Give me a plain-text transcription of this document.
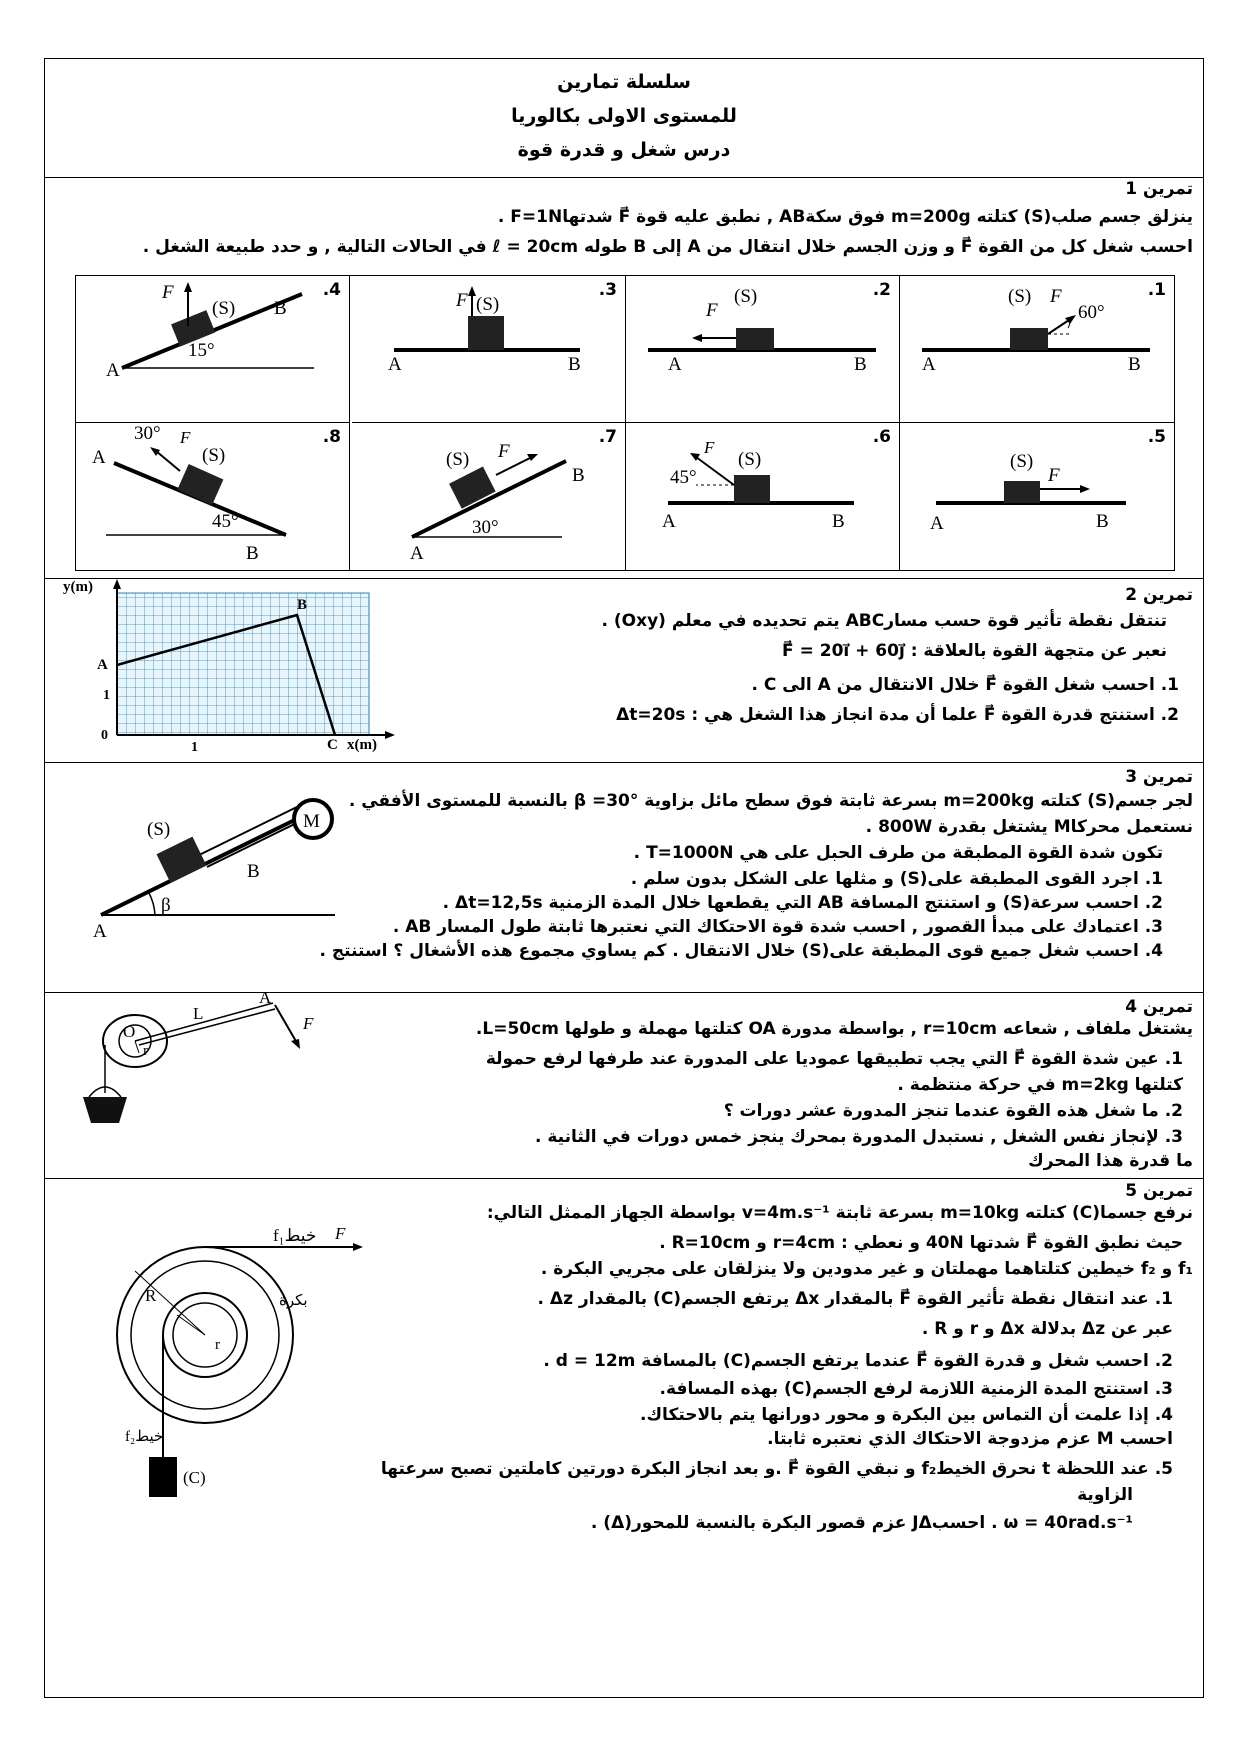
سلسلة تمارين
للمستوى الاولى بكالوريا
درس شغل و قدرة قوة
تمرين 1
ينزلق جسم صلب(S) كتلته m=200g فوق سكةAB , نطبق عليه قوة F⃗ شدتهاF=1N .
احسب شغل كل من القوة F⃗ و وزن الجسم خلال انتقال من A إلى B طوله ℓ = 20cm في الحالات التالية , و حدد طبيعة الشغل .
.1
(S) F⃗
60°
A	B
.2
(S)
F⃗
A	B
.3
F⃗
(S)
A	B
.4
F⃗
(S)
15°
A
B
.5
(S)
F⃗
A	B
.6
(S)
F⃗
45°
A	B
.7
(S) F⃗
30°
A
B
.8
30° F⃗
(S)
45°
A
B
تمرين 2
تنتقل نقطة تأثير قوة حسب مسارABC يتم تحديده في معلم (Oxy) .
نعبر عن متجهة القوة بالعلاقة : F⃗ = 20i⃗ + 60j⃗
1. احسب شغل القوة F⃗ خلال الانتقال من A الى C .
2. استنتج قدرة القوة F⃗ علما أن مدة انجاز هذا الشغل هي : Δt=20s
y(m)
x(m)
A
B
C
1
0
1
تمرين 3
لجر جسم(S) كتلته m=200kg بسرعة ثابتة فوق سطح مائل بزاوية β =30° بالنسبة للمستوى الأفقي .
نستعمل محركاM يشتغل بقدرة 800W .
تكون شدة القوة المطبقة من طرف الحبل على هي T=1000N .
1. اجرد القوى المطبقة على(S) و مثلها على الشكل بدون سلم .
2. احسب سرعة(S) و استنتج المسافة AB التي يقطعها خلال المدة الزمنية Δt=12,5s .
3. اعتمادك على مبدأ القصور , احسب شدة قوة الاحتكاك التي نعتبرها ثابتة طول المسار AB .
4. احسب شغل جميع قوى المطبقة على(S) خلال الانتقال . كم يساوي مجموع هذه الأشغال ؟ استنتج .
(S)	M
B
A
β
تمرين 4
يشتغل ملفاف , شعاعه r=10cm , بواسطة مدورة OA كتلتها مهملة و طولها L=50cm.
1. عين شدة القوة F⃗ التي يجب تطبيقها عموديا على المدورة عند طرفها لرفع حمولة
كتلتها m=2kg في حركة منتظمة .
2. ما شغل هذه القوة عندما تنجز المدورة عشر دورات ؟
3. لإنجاز نفس الشغل , نستبدل المدورة بمحرك ينجز خمس دورات في الثانية .
ما قدرة هذا المحرك
O
r
L
A
F⃗
تمرين 5
نرفع جسما(C) كتلته m=10kg بسرعة ثابتة v=4m.s⁻¹ بواسطة الجهاز الممثل التالي:
حيث نطبق القوة F⃗ شدتها 40N و نعطي : r=4cm و R=10cm .
f₁ و f₂ خيطين كتلتاهما مهملتان و غير مدودين ولا ينزلقان على مجريي البكرة .
1. عند انتقال نقطة تأثير القوة F⃗ بالمقدار Δx يرتفع الجسم(C) بالمقدار Δz .
عبر عن Δz بدلالة Δx و r و R .
2. احسب شغل و قدرة القوة F⃗ عندما يرتفع الجسم(C) بالمسافة d = 12m .
3. استنتج المدة الزمنية اللازمة لرفع الجسم(C) بهذه المسافة.
4. إذا علمت أن التماس بين البكرة و محور دورانها يتم بالاحتكاك.
احسب M عزم مزدوجة الاحتكاك الذي نعتبره ثابتا.
5. عند اللحظة t نحرق الخيطf₂ و نبقي القوة F⃗ .و بعد انجاز البكرة دورتين كاملتين تصبح سرعتها
الزاوية
ω = 40rad.s⁻¹ . احسبJΔ عزم قصور البكرة بالنسبة للمحور(Δ) .
f₁خيط F⃗
R
r
بكرة
f₂خيط
(C)
